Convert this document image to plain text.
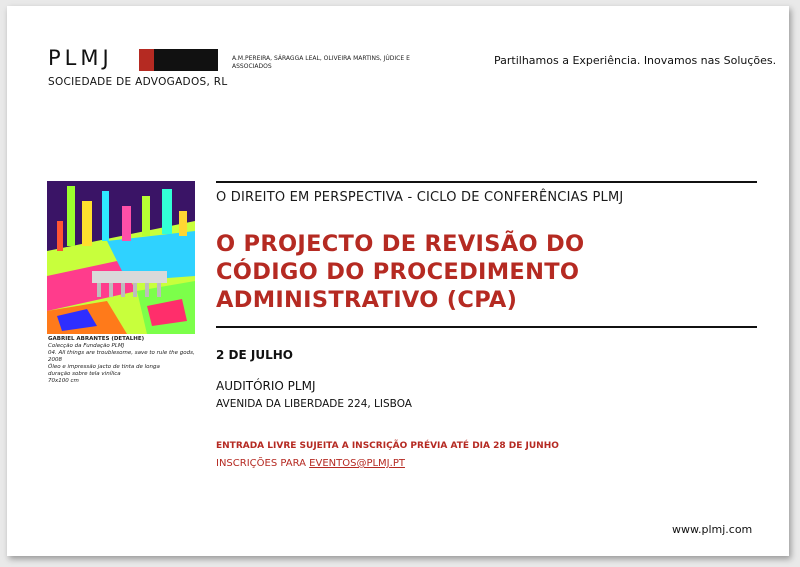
PLMJ
SOCIEDADE DE ADVOGADOS, RL
A.M.PEREIRA, SÁRAGGA LEAL, OLIVEIRA MARTINS, JÚDICE E ASSOCIADOS	Partilhamos a Experiência. Inovamos nas Soluções.
GABRIEL ABRANTES (DETALHE)
Colecção da Fundação PLMJ
04. All things are troublesome, save to rule the gods, 2008
Óleo e impressão jacto de tinta de longa
duração sobre tela vinílica
70x100 cm
O DIREITO EM PERSPECTIVA - CICLO DE CONFERÊNCIAS PLMJ
O PROJECTO DE REVISÃO DO
CÓDIGO DO PROCEDIMENTO
ADMINISTRATIVO (CPA)
2 DE JULHO
AUDITÓRIO PLMJ
AVENIDA DA LIBERDADE 224, LISBOA
ENTRADA LIVRE SUJEITA A INSCRIÇÃO PRÉVIA ATÉ DIA 28 DE JUNHO
INSCRIÇÕES PARA EVENTOS@PLMJ.PT
www.plmj.com
